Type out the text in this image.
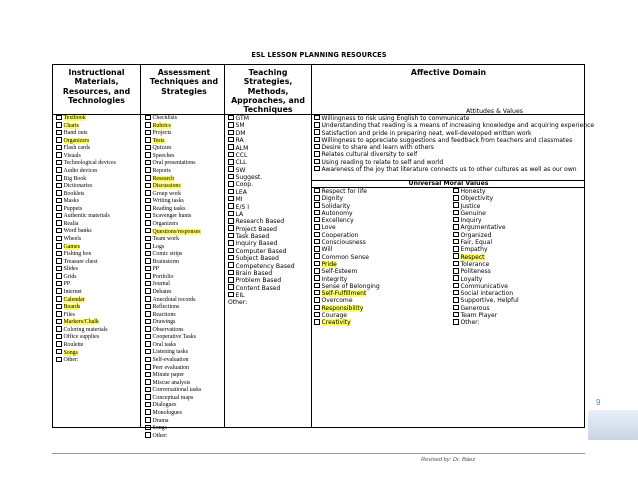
ESL LESSON PLANNING RESOURCES
Instructional Materials, Resources, and Technologies
Assessment Techniques and Strategies
Teaching Strategies, Methods, Approaches, and Techniques
Affective Domain
Textbook
Charts
Hand outs
Organizers
Flash cards
Visuals
Technological devices
Audio devices
Big Book
Dictionaries
Booklets
Masks
Puppets
Authentic materials
Realia
Word banks
Wheels
Games
Fishing box
Treasure chest
Slides
Grids
PP
Internet
Calendar
Boards
Files
Markers/Chalk
Coloring materials
Office supplies
Roulette
Songs
Other:
Checklists
Rubrics
Projects
Tests
Quizzes
Speeches
Oral presentations
Reports
Research
Discussions
Group work
Writing tasks
Reading tasks
Scavenger hunts
Organizers
Questions/responses
Team work
Logs
Comic strips
Brainstorm
PP
Portfolio
Journal
Debates
Anecdotal records
Reflections
Reactions
Drawings
Observations
Cooperative Tasks
Oral tasks
Listening tasks
Self-evaluation
Peer evaluation
Minute paper
Miscue analysis
Conversational tasks
Conceptual maps
Dialogues
Monologues
Drama
Songs
Other:
GTM
SM
DM
RA
ALM
CCL
CLL
SW
Suggest.
Coop.
LEA
MI
E/S I
LA
Research Based
Project Based
Task Based
Inquiry Based
Computer Based
Subject Based
Competency Based
Brain Based
Problem Based
Content Based
EIL
Other:
Attitudes & Values
Willingness to risk using English to communicate
Understanding that reading is a means of increasing knowledge and acquiring experience
Satisfaction and pride in preparing neat, well-developed written work
Willingness to appreciate suggestions and feedback from teachers and classmates
Desire to share and learn with others
Relates cultural diversity to self
Using reading to relate to self and world
Awareness of the joy that literature connects us to other cultures as well as our own
Universal Moral Values
Respect for life
Dignity
Solidarity
Autonomy
Excellency
Love
Cooperation
Consciousness
Will
Common Sense
Pride
Self-Esteem
Integrity
Sense of Belonging
Self-Fulfillment
Overcome
Responsibility
Courage
Creativity
Honesty
Objectivity
Justice
Genuine
Inquiry
Argumentative
Organized
Fair, Equal
Empathy
Respect
Tolerance
Politeness
Loyalty
Communicative
Social interaction
Supportive, Helpful
Generous
Team Player
Other:
9
Revised by: Dr. Báez
